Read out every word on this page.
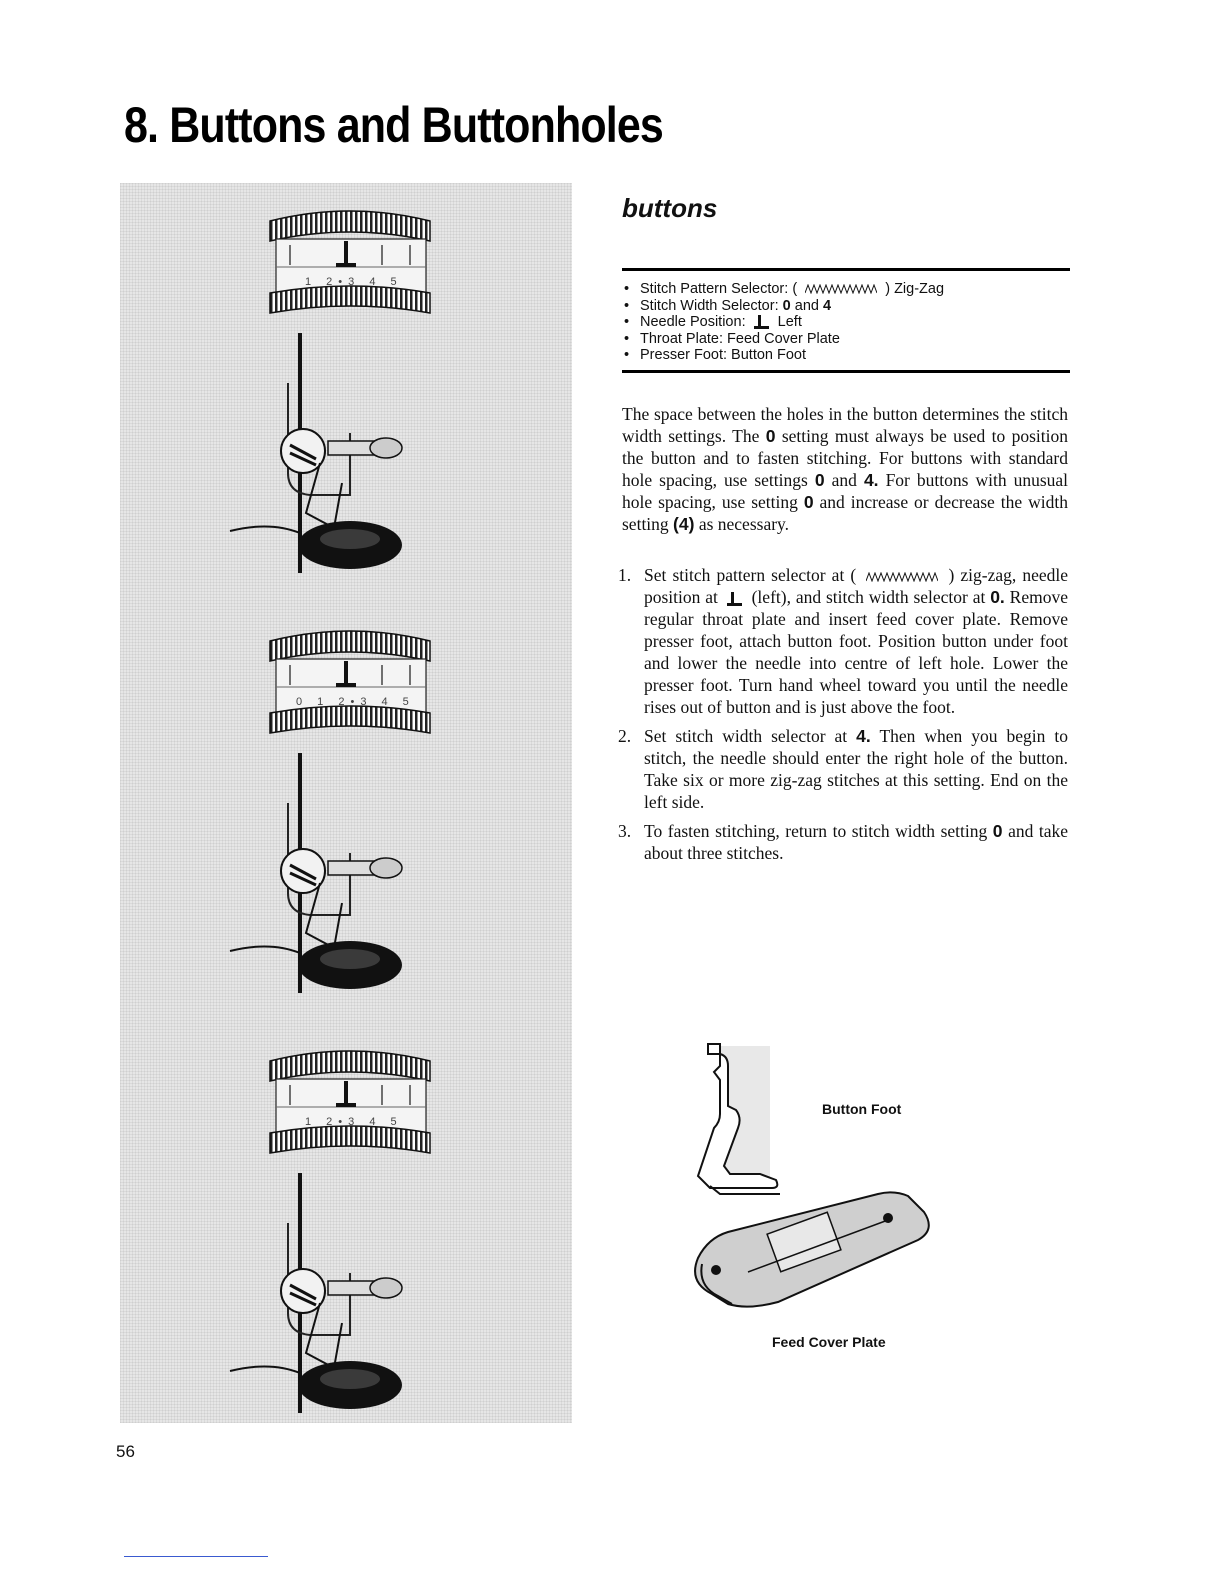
8. Buttons and Buttonholes
1 2•3 4 5
0 1 2•3 4 5
1 2•3 4 5
buttons
• Stitch Pattern Selector: (	) Zig-Zag
• Stitch Width Selector: 0 and 4
• Needle Position: Left
• Throat Plate: Feed Cover Plate
• Presser Foot: Button Foot

The space between the holes in the button determines the stitch width settings. The 0 setting must always be used to position the button and to fasten stitching. For buttons with standard hole spacing, use settings 0 and 4. For buttons with unusual hole spacing, use setting 0 and increase or decrease the width setting (4) as necessary.

1. Set stitch pattern selector at (	) zig-zag, needle position at (left), and stitch width selector at 0. Remove regular throat plate and insert feed cover plate. Remove presser foot, attach button foot. Position button under foot and lower the needle into centre of left hole. Lower the presser foot. Turn hand wheel toward you until the needle rises out of button and is just above the foot.
2. Set stitch width selector at 4. Then when you begin to stitch, the needle should enter the right hole of the button. Take six or more zig-zag stitches at this setting. End on the left side.
3. To fasten stitching, return to stitch width setting 0 and take about three stitches.
Button Foot
Feed Cover Plate
56
